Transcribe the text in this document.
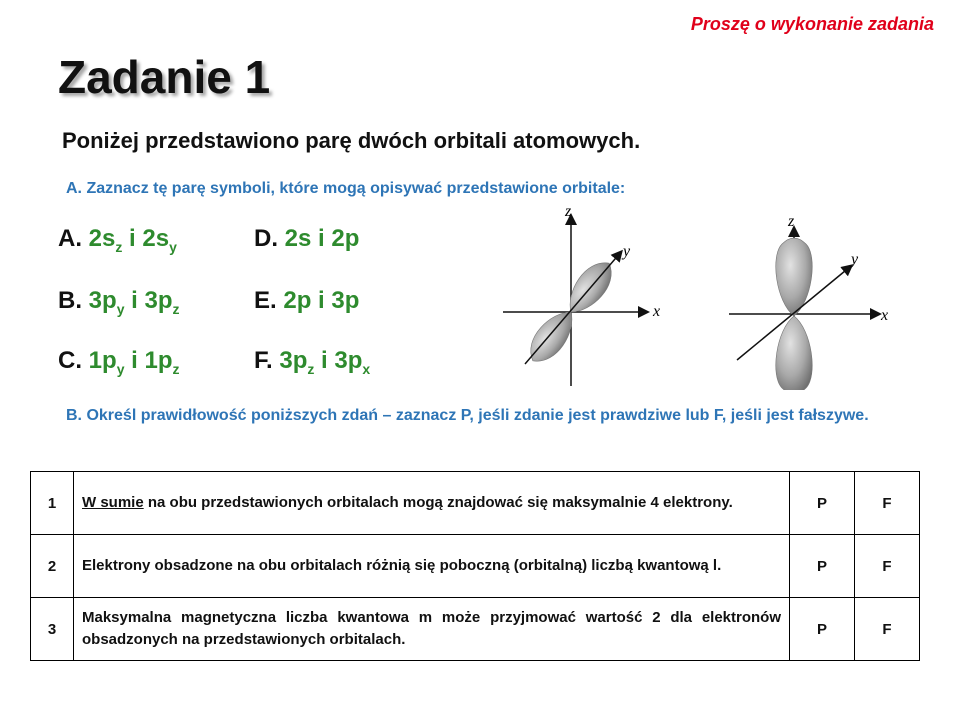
Proszę o wykonanie zadania
Zadanie 1
Poniżej przedstawiono parę dwóch orbitali atomowych.
A. Zaznacz tę parę symboli, które mogą opisywać przedstawione orbitale:
A. $2s_z$ i $2s_y$
B. $3p_y$ i $3p_z$
C. $1p_y$ i $1p_z$
D. 2s i 2p
E. 2p i 3p
F. $3p_z$ i $3p_x$
z
y
x
z
y
x
B. Określ prawidłowość poniższych zdań – zaznacz P, jeśli zdanie jest prawdziwe lub F, jeśli jest fałszywe.
1	W sumie na obu przedstawionych orbitalach mogą znajdować się maksymalnie 4 elektrony.	P	F
2	Elektrony obsadzone na obu orbitalach różnią się poboczną (orbitalną) liczbą kwantową l.	P	F
3	Maksymalna magnetyczna liczba kwantowa m może przyjmować wartość 2 dla elektronów obsadzonych na przedstawionych orbitalach.	P	F
